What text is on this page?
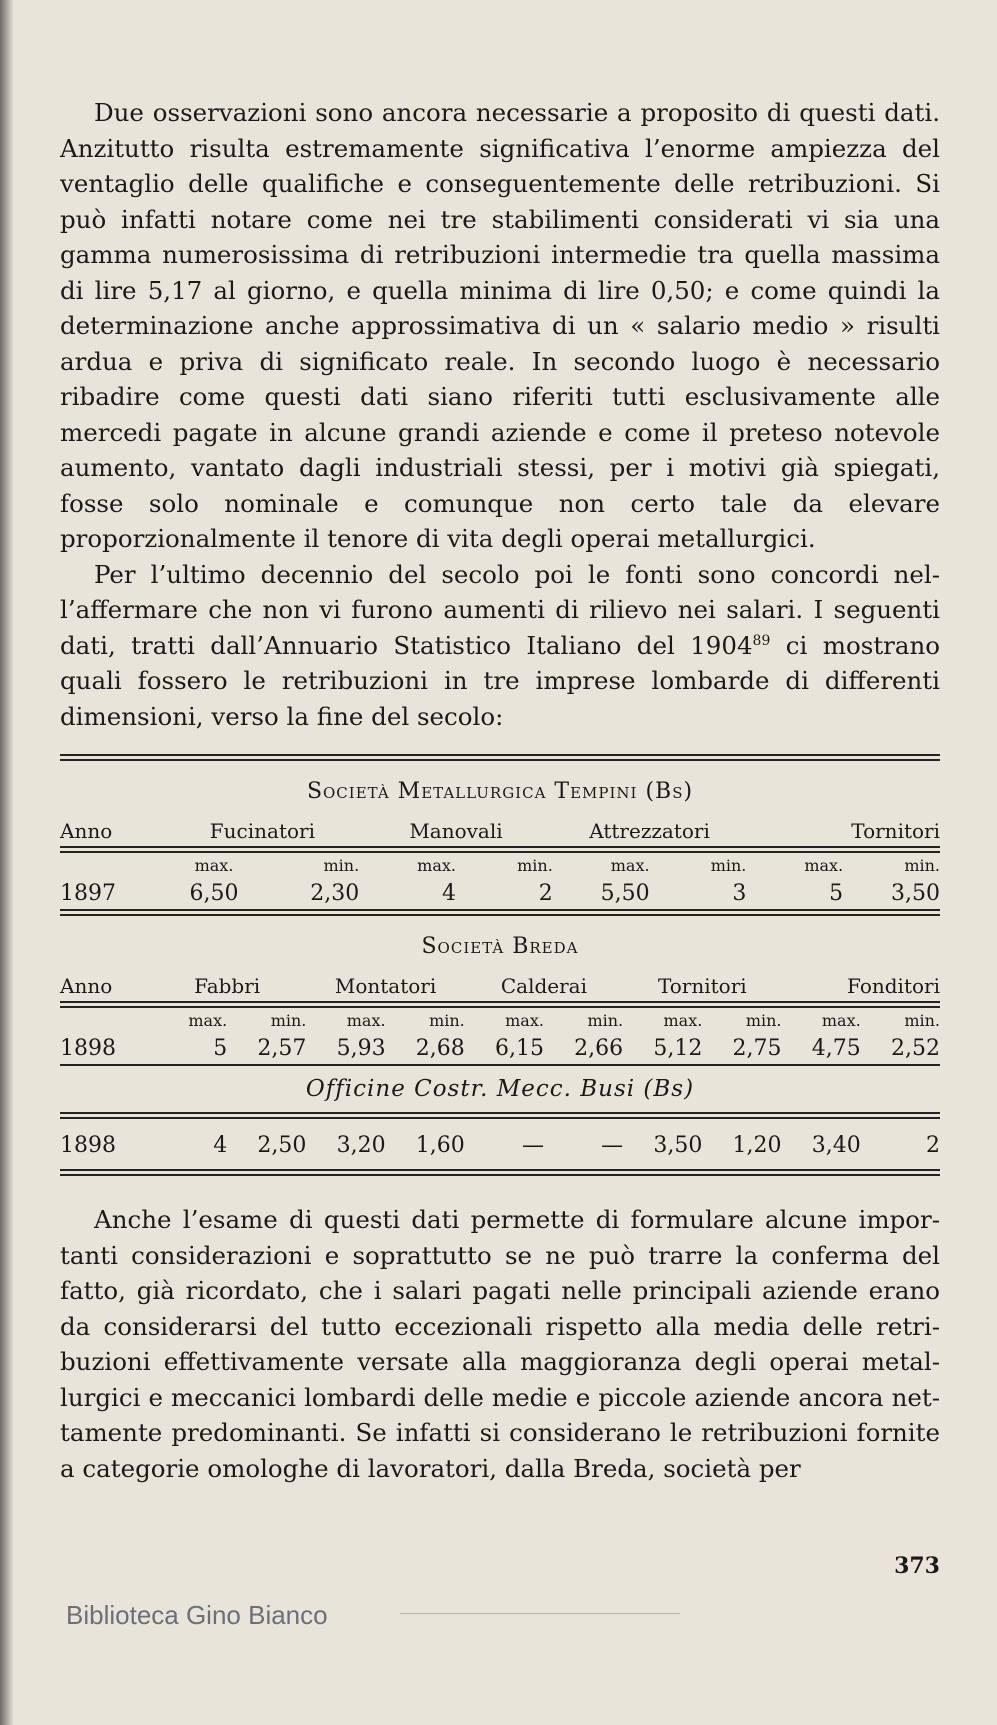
Due osservazioni sono ancora necessarie a proposito di questi dati. Anzitutto risulta estremamente significativa l’enorme ampiezza del ventaglio delle qualifiche e conseguentemente delle retribuzioni. Si può infatti notare come nei tre stabilimenti considerati vi sia una gamma numerosissima di retribuzioni intermedie tra quella massima di lire 5,17 al giorno, e quella minima di lire 0,50; e come quindi la determinazione anche approssimativa di un « salario medio » risulti ardua e priva di significato reale. In secondo luogo è necessario ribadire come questi dati siano riferiti tutti esclusivamente alle mercedi pagate in alcune grandi aziende e come il preteso notevole aumento, vantato dagli industriali stessi, per i motivi già spiegati, fosse solo nominale e comunque non certo tale da elevare proporzionalmente il tenore di vita degli operai metallurgici.

Per l’ultimo decennio del secolo poi le fonti sono concordi nell’affermare che non vi furono aumenti di rilievo nei salari. I seguenti dati, tratti dall’Annuario Statistico Italiano del 1904$^{89}$ ci mostrano quali fossero le retribuzioni in tre imprese lombarde di differenti dimensioni, verso la fine del secolo:

Società Metallurgica Tempini (Bs)
Anno	Fucinatori		Manovali		Attrezzatori		Tornitori	

	max.	min.	max.	min.	max.	min.	max.	min.
1897	6,50	2,30	4	2	5,50	3	5	3,50
Società Breda
Anno	Fabbri		Montatori		Calderai		Tornitori		Fonditori	

	max.	min.	max.	min.	max.	min.	max.	min.	max.	min.
1898	5	2,57	5,93	2,68	6,15	2,66	5,12	2,75	4,75	2,52
Officine Costr. Mecc. Busi (Bs)
1898	4	2,50	3,20	1,60	—	—	3,50	1,20	3,40	2

Anche l’esame di questi dati permette di formulare alcune importanti considerazioni e soprattutto se ne può trarre la conferma del fatto, già ricordato, che i salari pagati nelle principali aziende erano da considerarsi del tutto eccezionali rispetto alla media delle retribuzioni effettivamente versate alla maggioranza degli operai metallurgici e meccanici lombardi delle medie e piccole aziende ancora nettamente predominanti. Se infatti si considerano le retribuzioni fornite a categorie omologhe di lavoratori, dalla Breda, società per

373
Biblioteca Gino Bianco
